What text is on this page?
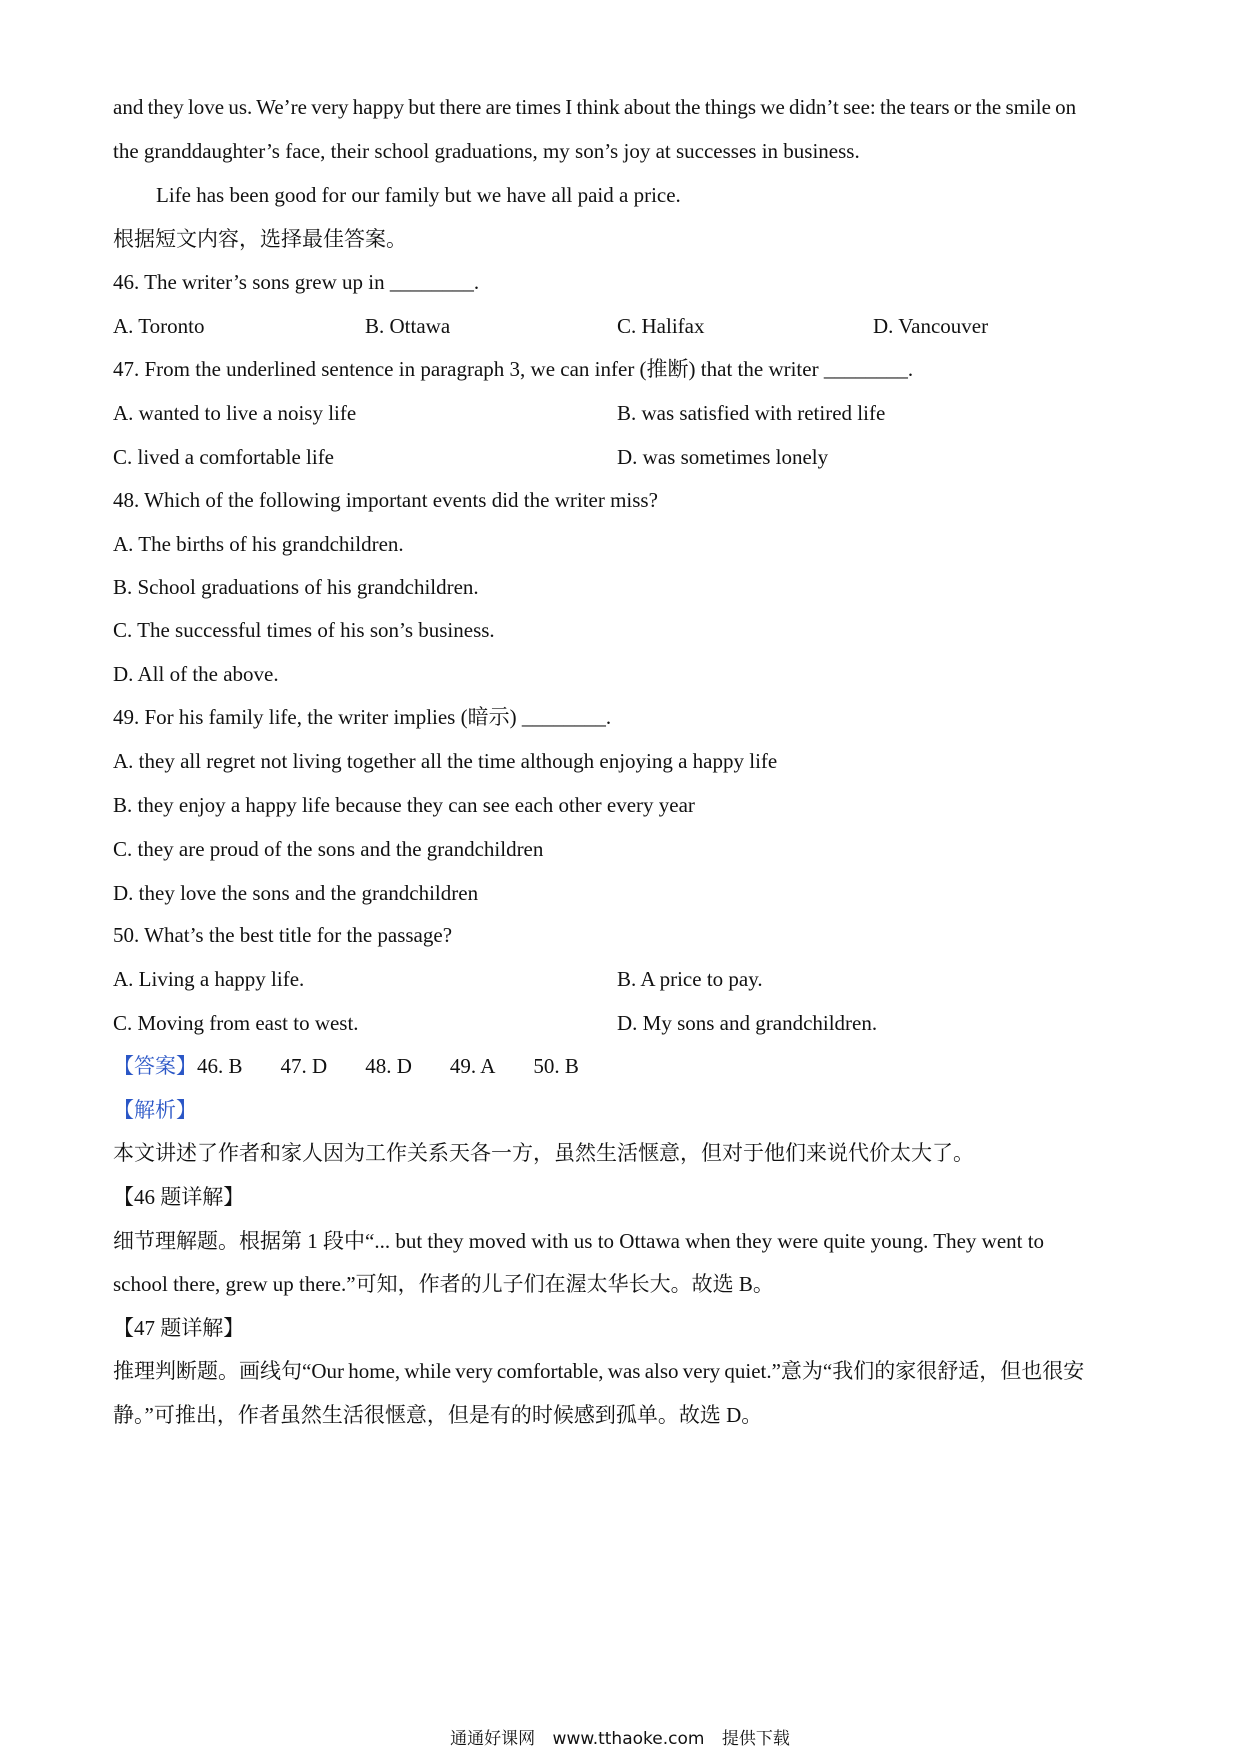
and they love us. We’re very happy but there are times I think about the things we didn’t see: the tears or the smile on
the granddaughter’s face, their school graduations, my son’s joy at successes in business.
Life has been good for our family but we have all paid a price.
根据短文内容，选择最佳答案。
46. The writer’s sons grew up in ________.
A. Toronto	B. Ottawa	C. Halifax	D. Vancouver
47. From the underlined sentence in paragraph 3, we can infer (推断) that the writer ________.
A. wanted to live a noisy life	B. was satisfied with retired life
C. lived a comfortable life	D. was sometimes lonely
48. Which of the following important events did the writer miss?
A. The births of his grandchildren.
B. School graduations of his grandchildren.
C. The successful times of his son’s business.
D. All of the above.
49. For his family life, the writer implies (暗示) ________.
A. they all regret not living together all the time although enjoying a happy life
B. they enjoy a happy life because they can see each other every year
C. they are proud of the sons and the grandchildren
D. they love the sons and the grandchildren
50. What’s the best title for the passage?
A. Living a happy life.	B. A price to pay.
C. Moving from east to west.	D. My sons and grandchildren.
【答案】46. B 47. D 48. D 49. A 50. B
【解析】
本文讲述了作者和家人因为工作关系天各一方，虽然生活惬意，但对于他们来说代价太大了。
【46 题详解】
细节理解题。根据第 1 段中“... but they moved with us to Ottawa when they were quite young. They went to
school there, grew up there.”可知，作者的儿子们在渥太华长大。故选 B。
【47 题详解】
推理判断题。画线句“Our home, while very comfortable, was also very quiet.”意为“我们的家很舒适，但也很安
静。”可推出，作者虽然生活很惬意，但是有的时候感到孤单。故选 D。
通通好课网 www.tthaoke.com 提供下载
